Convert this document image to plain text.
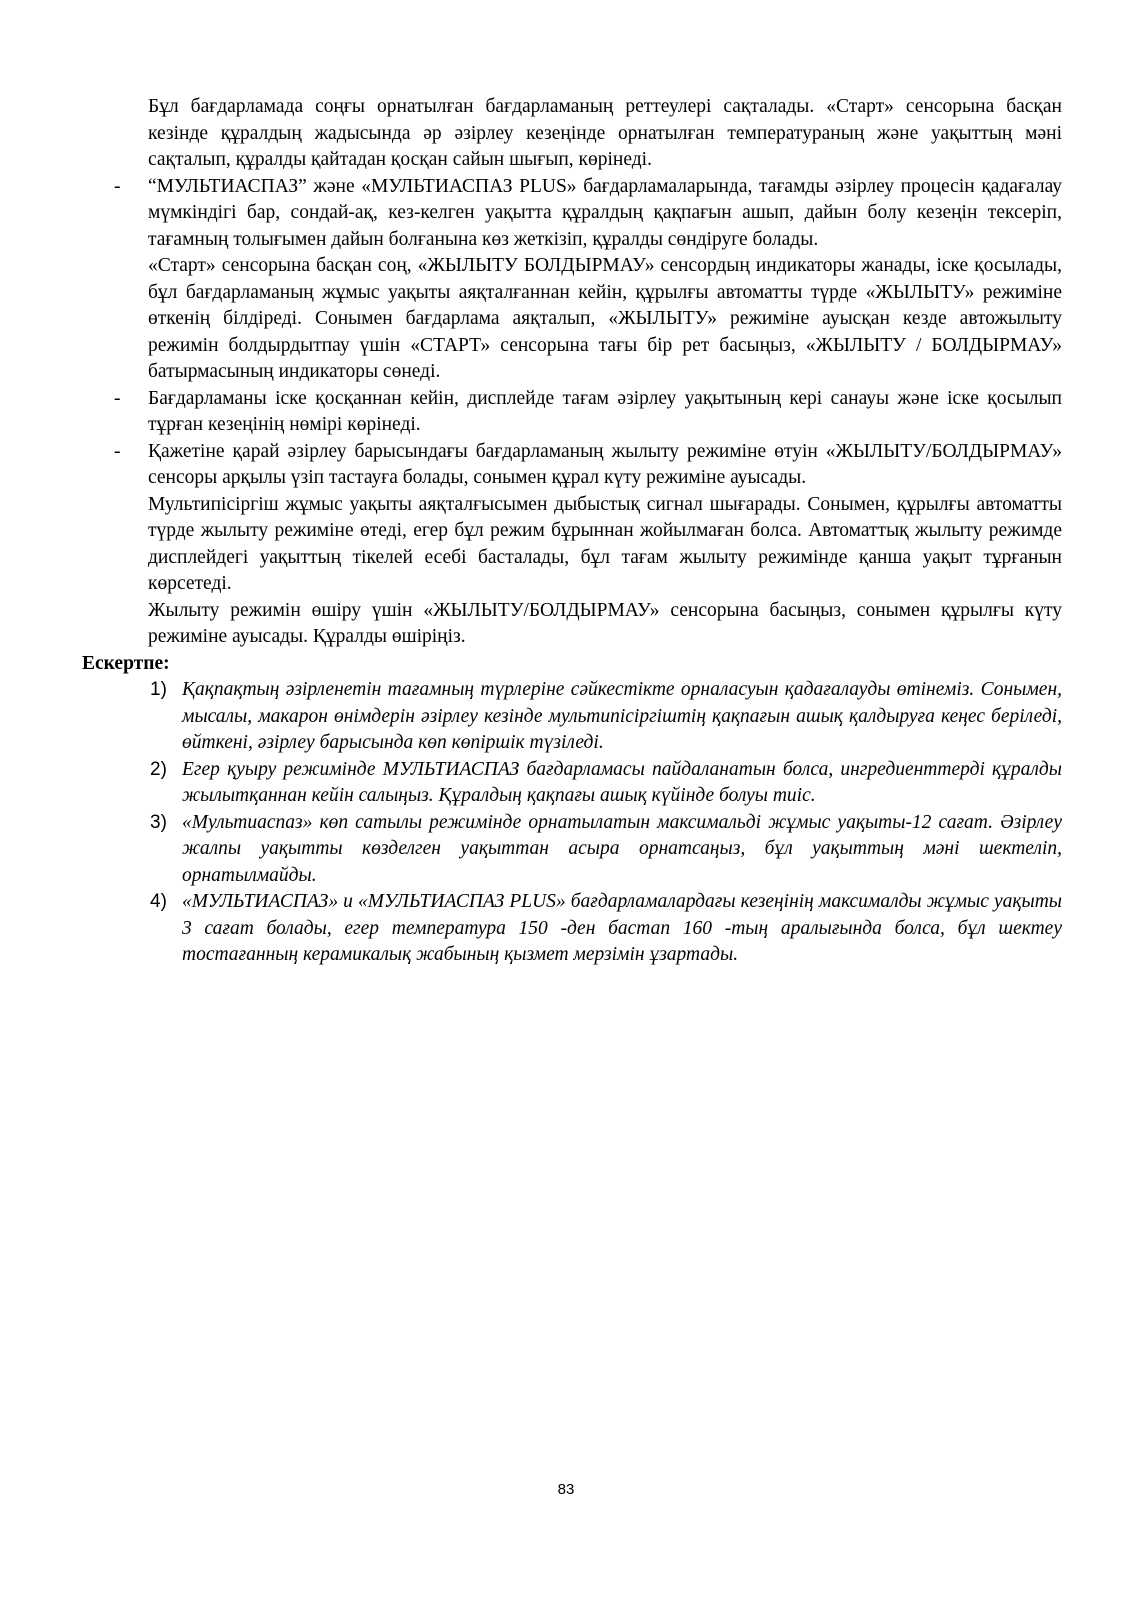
Бұл бағдарламада соңғы орнатылған бағдарламаның реттеулері сақталады. «Старт» сенсорына басқан кезінде құралдың жадысында әр әзірлеу кезеңінде орнатылған температураның және уақыттың мәні сақталып, құралды қайтадан қосқан сайын шығып, көрінеді.

- “МУЛЬТИАСПАЗ” және «МУЛЬТИАСПАЗ PLUS» бағдарламаларында, тағамды әзірлеу процесін қадағалау мүмкіндігі бар, сондай-ақ, кез-келген уақытта құралдың қақпағын ашып, дайын болу кезеңін тексеріп, тағамның толығымен дайын болғанына көз жеткізіп, құралды сөндіруге болады.

«Старт» сенсорына басқан соң, «ЖЫЛЫТУ БОЛДЫРМАУ» сенсордың индикаторы жанады, іске қосылады, бұл бағдарламаның жұмыс уақыты аяқталғаннан кейін, құрылғы автоматты түрде «ЖЫЛЫТУ» режиміне өткенің білдіреді. Сонымен бағдарлама аяқталып, «ЖЫЛЫТУ» режиміне ауысқан кезде автожылыту режимін болдырдытпау үшін «СТАРТ» сенсорына тағы бір рет басыңыз, «ЖЫЛЫТУ / БОЛДЫРМАУ» батырмасының индикаторы сөнеді.

- Бағдарламаны іске қосқаннан кейін, дисплейде тағам әзірлеу уақытының кері санауы және іске қосылып тұрған кезеңінің нөмірі көрінеді.
- Қажетіне қарай әзірлеу барысындағы бағдарламаның жылыту режиміне өтуін «ЖЫЛЫТУ/БОЛДЫРМАУ» сенсоры арқылы үзіп тастауға болады, сонымен құрал күту режиміне ауысады.

Мультипісіргіш жұмыс уақыты аяқталғысымен дыбыстық сигнал шығарады. Сонымен, құрылғы автоматты түрде жылыту режиміне өтеді, егер бұл режим бұрыннан жойылмаған болса. Автоматтық жылыту режимде дисплейдегі уақыттың тікелей есебі басталады, бұл тағам жылыту режимінде қанша уақыт тұрғанын көрсетеді.

Жылыту режимін өшіру үшін «ЖЫЛЫТУ/БОЛДЫРМАУ» сенсорына басыңыз, сонымен құрылғы күту режиміне ауысады. Құралды өшіріңіз.

Ескертпе:

1) Қақпақтың әзірленетін тағамның түрлеріне сәйкестікте орналасуын қадағалауды өтінеміз. Сонымен, мысалы, макарон өнімдерін әзірлеу кезінде мультипісіргіштің қақпағын ашық қалдыруға кеңес беріледі, өйткені, әзірлеу барысында көп көпіршік түзіледі.
2) Егер қуыру режимінде МУЛЬТИАСПАЗ бағдарламасы пайдаланатын болса, ингредиенттерді құралды жылытқаннан кейін салыңыз. Құралдың қақпағы ашық күйінде болуы тиіс.
3) «Мультиаспаз» көп сатылы режимінде орнатылатын максимальді жұмыс уақыты-12 сағат. Әзірлеу жалпы уақытты көзделген уақыттан асыра орнатсаңыз, бұл уақыттың мәні шектеліп, орнатылмайды.
4) «МУЛЬТИАСПАЗ» и «МУЛЬТИАСПАЗ PLUS» бағдарламалардағы кезеңінің максималды жұмыс уақыты 3 сағат болады, егер температура 150 -ден бастап 160 -тың аралығында болса, бұл шектеу тостағанның керамикалық жабының қызмет мерзімін ұзартады.
83
